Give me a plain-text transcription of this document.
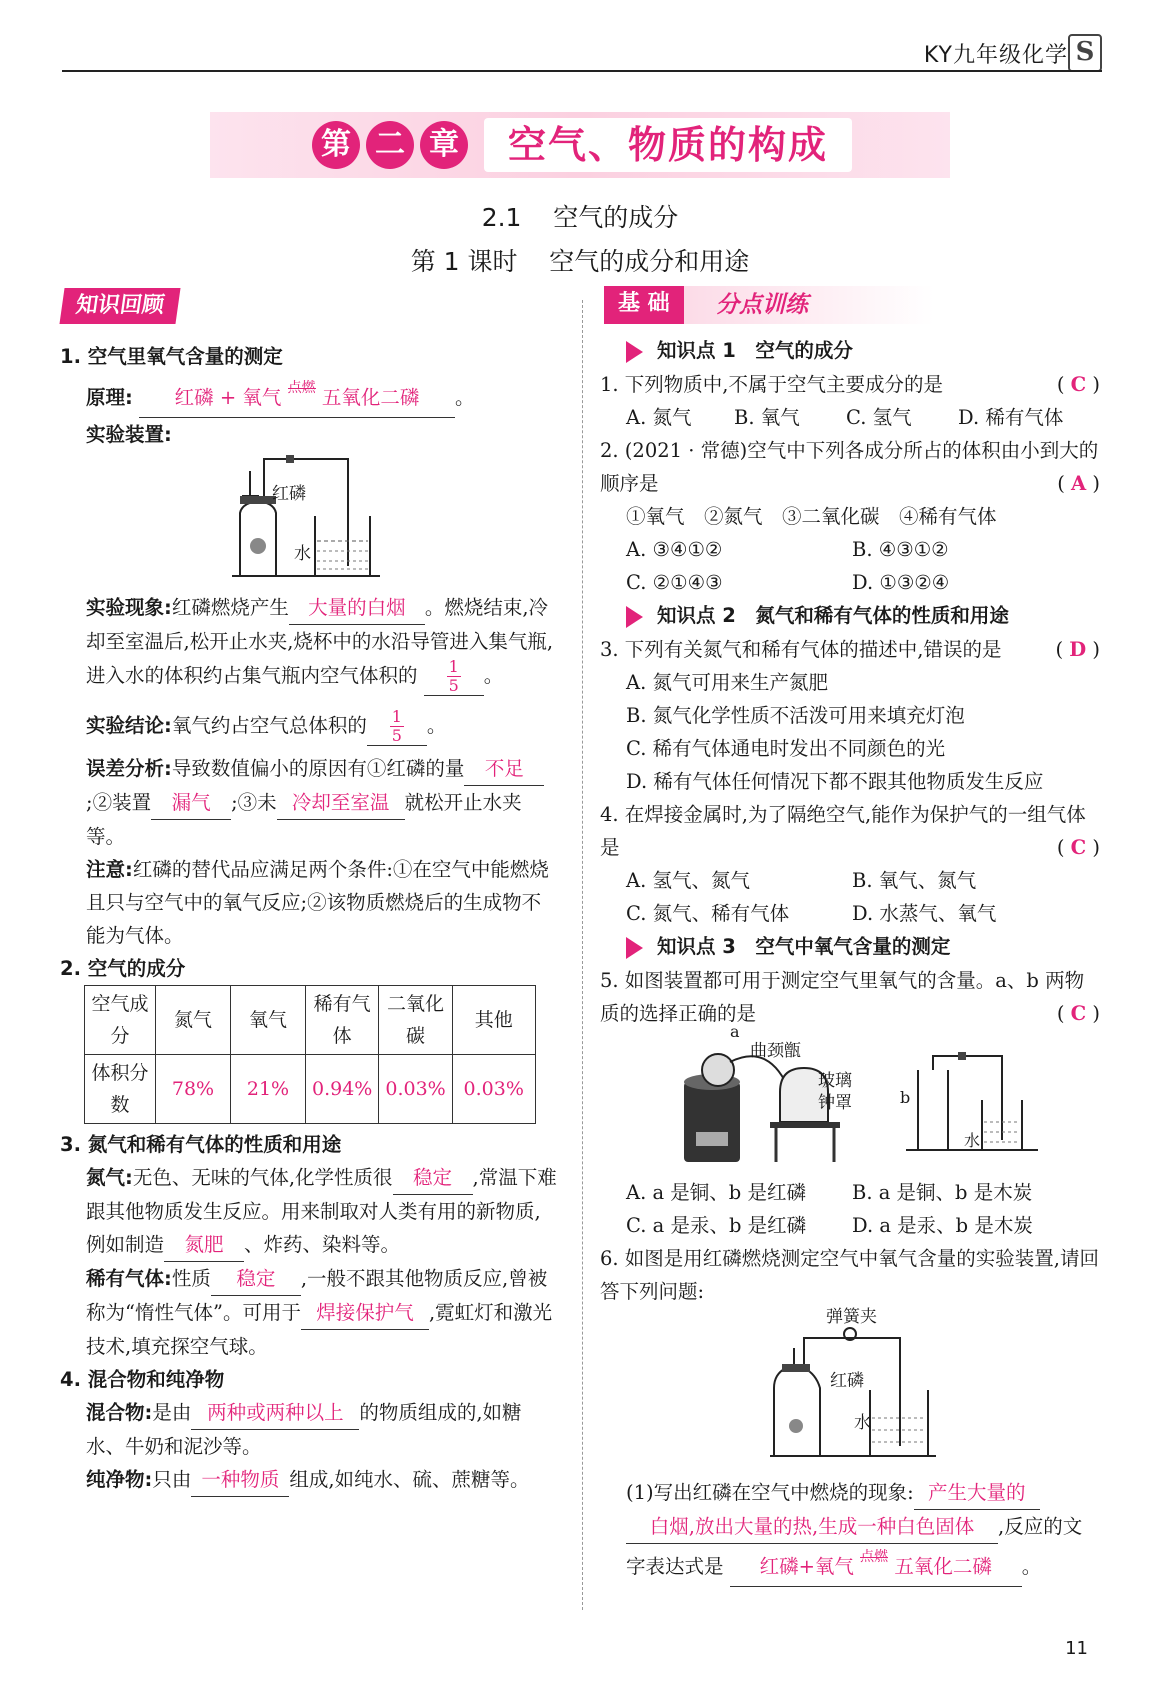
KY九年级化学 S
第 二 章	空气、物质的构成
2.1 空气的成分
第 1 课时 空气的成分和用途
知识回顾	基 础	分点训练

1. 空气里氧气含量的测定

原理: 红磷 + 氧气 点燃 五氧化二磷 。

实验装置:

红磷
水

实验现象:红磷燃烧产生 大量的白烟 。燃烧结束,冷却至室温后,松开止水夹,烧杯中的水沿导管进入集气瓶,进入水的体积约占集气瓶内空气体积的 $\frac{1}{5}$ 。

实验结论:氧气约占空气总体积的 $\frac{1}{5}$ 。

误差分析:导致数值偏小的原因有①红磷的量 不足;②装置 漏气 ;③未 冷却至室温 就松开止水夹等。

注意:红磷的替代品应满足两个条件:①在空气中能燃烧且只与空气中的氧气反应;②该物质燃烧后的生成物不能为气体。

2. 空气的成分

空气成分	氮气	氧气	稀有气体	二氧化碳	其他
体积分数	78%	21%	0.94%	0.03%	0.03%

3. 氮气和稀有气体的性质和用途

氮气:无色、无味的气体,化学性质很 稳定 ,常温下难跟其他物质发生反应。用来制取对人类有用的新物质,例如制造 氮肥 、炸药、染料等。

稀有气体:性质 稳定 ,一般不跟其他物质反应,曾被称为“惰性气体”。可用于 焊接保护气 ,霓虹灯和激光技术,填充探空气球。

4. 混合物和纯净物

混合物:是由 两种或两种以上 的物质组成的,如糖水、牛奶和泥沙等。

纯净物:只由 一种物质 组成,如纯水、硫、蔗糖等。

知识点 1　空气的成分

1. 下列物质中,不属于空气主要成分的是	( C )

A. 氮气 B. 氧气 C. 氢气 D. 稀有气体

2. (2021 · 常德)空气中下列各成分所占的体积由小到大的顺序是	( A )

①氧气　②氮气　③二氧化碳　④稀有气体

A. ③④①②	B. ④③①②

C. ②①④③	D. ①③②④

知识点 2　氮气和稀有气体的性质和用途

3. 下列有关氮气和稀有气体的描述中,错误的是	( D )

A. 氮气可用来生产氮肥

B. 氮气化学性质不活泼可用来填充灯泡

C. 稀有气体通电时发出不同颜色的光

D. 稀有气体任何情况下都不跟其他物质发生反应

4. 在焊接金属时,为了隔绝空气,能作为保护气的一组气体是	( C )

A. 氢气、氮气	B. 氧气、氮气

C. 氮气、稀有气体	D. 水蒸气、氧气

知识点 3　空气中氧气含量的测定

5. 如图装置都可用于测定空气里氧气的含量。a、b 两物质的选择正确的是	( C )

a
曲颈甑
玻璃
钟罩	b
水

A. a 是铜、b 是红磷 B. a 是铜、b 是木炭

C. a 是汞、b 是红磷 D. a 是汞、b 是木炭

6. 如图是用红磷燃烧测定空气中氧气含量的实验装置,请回答下列问题:

弹簧夹
红磷
水

(1)写出红磷在空气中燃烧的现象: 产生大量的白烟,放出大量的热,生成一种白色固体 ,反应的文字表达式是 红磷+氧气 点燃 五氧化二磷 。

11
